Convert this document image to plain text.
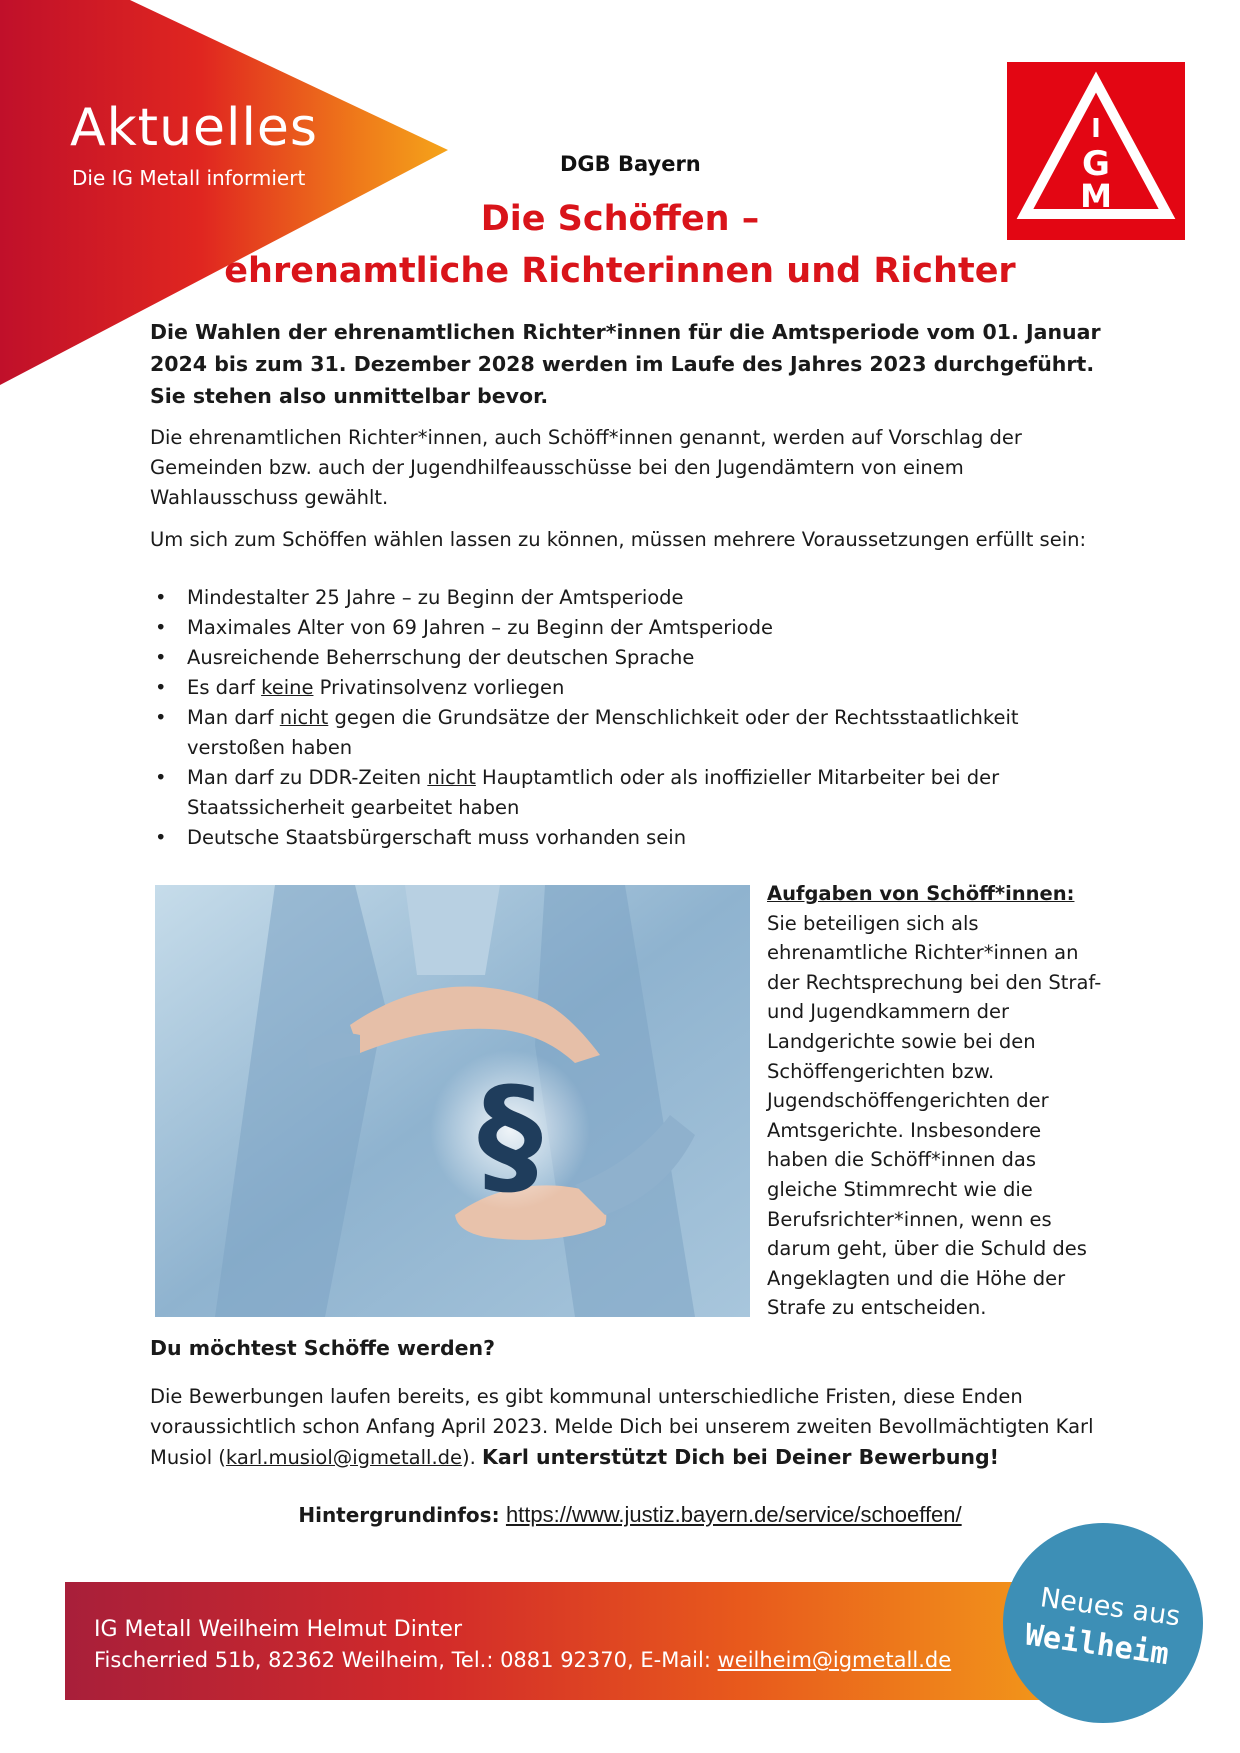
Aktuelles
Die IG Metall informiert
DGB Bayern
I
G
M
Die Schöffen –
ehrenamtliche Richterinnen und Richter
Die Wahlen der ehrenamtlichen Richter*innen für die Amtsperiode vom 01. Januar 2024 bis zum 31. Dezember 2028 werden im Laufe des Jahres 2023 durchgeführt. Sie stehen also unmittelbar bevor.
Die ehrenamtlichen Richter*innen, auch Schöff*innen genannt, werden auf Vorschlag der Gemeinden bzw. auch der Jugendhilfeausschüsse bei den Jugendämtern von einem Wahlausschuss gewählt.
Um sich zum Schöffen wählen lassen zu können, müssen mehrere Voraussetzungen erfüllt sein:
• Mindestalter 25 Jahre – zu Beginn der Amtsperiode
• Maximales Alter von 69 Jahren – zu Beginn der Amtsperiode
• Ausreichende Beherrschung der deutschen Sprache
• Es darf keine Privatinsolvenz vorliegen
• Man darf nicht gegen die Grundsätze der Menschlichkeit oder der Rechtsstaatlichkeit verstoßen haben
• Man darf zu DDR-Zeiten nicht Hauptamtlich oder als inoffizieller Mitarbeiter bei der Staatssicherheit gearbeitet haben
• Deutsche Staatsbürgerschaft muss vorhanden sein
§
Aufgaben von Schöff*innen:
Sie beteiligen sich als ehrenamtliche Richter*innen an der Rechtsprechung bei den Straf- und Jugendkammern der Landgerichte sowie bei den Schöffengerichten bzw. Jugendschöffengerichten der Amtsgerichte. Insbesondere haben die Schöff*innen das gleiche Stimmrecht wie die Berufsrichter*innen, wenn es darum geht, über die Schuld des Angeklagten und die Höhe der Strafe zu entscheiden.
Du möchtest Schöffe werden?
Die Bewerbungen laufen bereits, es gibt kommunal unterschiedliche Fristen, diese Enden voraussichtlich schon Anfang April 2023. Melde Dich bei unserem zweiten Bevollmächtigten Karl Musiol (karl.musiol@igmetall.de). Karl unterstützt Dich bei Deiner Bewerbung!
Hintergrundinfos: https://www.justiz.bayern.de/service/schoeffen/
IG Metall Weilheim Helmut Dinter
Fischerried 51b, 82362 Weilheim, Tel.: 0881 92370, E-Mail: weilheim@igmetall.de
Neues aus
Weilheim
